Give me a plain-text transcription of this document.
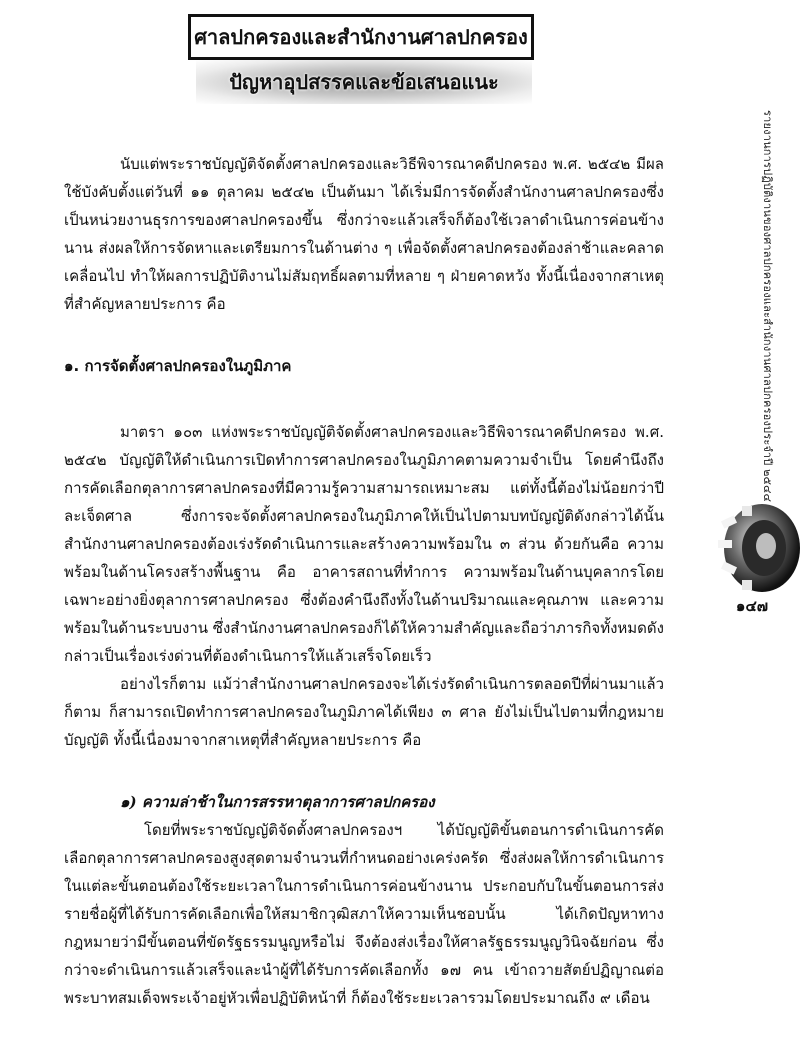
ศาลปกครองและสำนักงานศาลปกครอง
ปัญหาอุปสรรคและข้อเสนอแนะ

นับแต่พระราชบัญญัติจัดตั้งศาลปกครองและวิธีพิจารณาคดีปกครอง พ.ศ. ๒๕๔๒ มีผลใช้บังคับตั้งแต่วันที่ ๑๑ ตุลาคม ๒๕๔๒ เป็นต้นมา ได้เริ่มมีการจัดตั้งสำนักงานศาลปกครองซึ่งเป็นหน่วยงานธุรการของศาลปกครองขึ้น ซึ่งกว่าจะแล้วเสร็จก็ต้องใช้เวลาดำเนินการค่อนข้างนาน ส่งผลให้การจัดหาและเตรียมการในด้านต่าง ๆ เพื่อจัดตั้งศาลปกครองต้องล่าช้าและคลาดเคลื่อนไป ทำให้ผลการปฏิบัติงานไม่สัมฤทธิ์ผลตามที่หลาย ๆ ฝ่ายคาดหวัง ทั้งนี้เนื่องจากสาเหตุที่สำคัญหลายประการ คือ

๑. การจัดตั้งศาลปกครองในภูมิภาค

มาตรา ๑๐๓ แห่งพระราชบัญญัติจัดตั้งศาลปกครองและวิธีพิจารณาคดีปกครอง พ.ศ. ๒๕๔๒ บัญญัติให้ดำเนินการเปิดทำการศาลปกครองในภูมิภาคตามความจำเป็น โดยคำนึงถึงการคัดเลือกตุลาการศาลปกครองที่มีความรู้ความสามารถเหมาะสม แต่ทั้งนี้ต้องไม่น้อยกว่าปีละเจ็ดศาล ซึ่งการจะจัดตั้งศาลปกครองในภูมิภาคให้เป็นไปตามบทบัญญัติดังกล่าวได้นั้น สำนักงานศาลปกครองต้องเร่งรัดดำเนินการและสร้างความพร้อมใน ๓ ส่วน ด้วยกันคือ ความพร้อมในด้านโครงสร้างพื้นฐาน คือ อาคารสถานที่ทำการ ความพร้อมในด้านบุคลากรโดยเฉพาะอย่างยิ่งตุลาการศาลปกครอง ซึ่งต้องคำนึงถึงทั้งในด้านปริมาณและคุณภาพ และความพร้อมในด้านระบบงาน ซึ่งสำนักงานศาลปกครองก็ได้ให้ความสำคัญและถือว่าภารกิจทั้งหมดดังกล่าวเป็นเรื่องเร่งด่วนที่ต้องดำเนินการให้แล้วเสร็จโดยเร็ว

อย่างไรก็ตาม แม้ว่าสำนักงานศาลปกครองจะได้เร่งรัดดำเนินการตลอดปีที่ผ่านมาแล้วก็ตาม ก็สามารถเปิดทำการศาลปกครองในภูมิภาคได้เพียง ๓ ศาล ยังไม่เป็นไปตามที่กฎหมายบัญญัติ ทั้งนี้เนื่องมาจากสาเหตุที่สำคัญหลายประการ คือ

๑) ความล่าช้าในการสรรหาตุลาการศาลปกครอง

โดยที่พระราชบัญญัติจัดตั้งศาลปกครองฯ ได้บัญญัติขั้นตอนการดำเนินการคัดเลือกตุลาการศาลปกครองสูงสุดตามจำนวนที่กำหนดอย่างเคร่งครัด ซึ่งส่งผลให้การดำเนินการในแต่ละขั้นตอนต้องใช้ระยะเวลาในการดำเนินการค่อนข้างนาน ประกอบกับในขั้นตอนการส่งรายชื่อผู้ที่ได้รับการคัดเลือกเพื่อให้สมาชิกวุฒิสภาให้ความเห็นชอบนั้น ได้เกิดปัญหาทางกฎหมายว่ามีขั้นตอนที่ขัดรัฐธรรมนูญหรือไม่ จึงต้องส่งเรื่องให้ศาลรัฐธรรมนูญวินิจฉัยก่อน ซึ่งกว่าจะดำเนินการแล้วเสร็จและนำผู้ที่ได้รับการคัดเลือกทั้ง ๑๗ คน เข้าถวายสัตย์ปฏิญาณต่อพระบาทสมเด็จพระเจ้าอยู่หัวเพื่อปฏิบัติหน้าที่ ก็ต้องใช้ระยะเวลารวมโดยประมาณถึง ๙ เดือน

รายงานการปฏิบัติงานของศาลปกครองและสำนักงานศาลปกครองประจำปี ๒๕๔๔
๑๔๗
